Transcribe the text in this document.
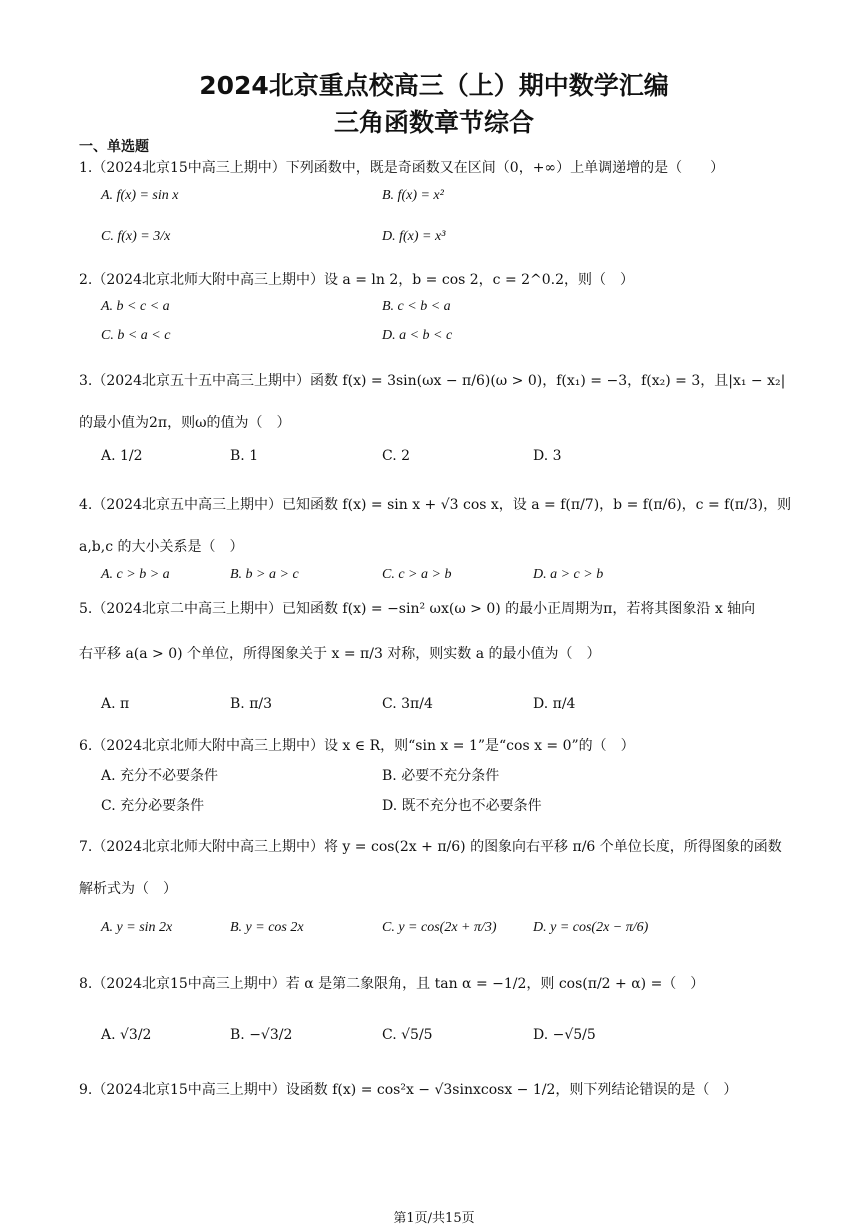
2024北京重点校高三（上）期中数学汇编
三角函数章节综合
一、单选题
1.（2024北京15中高三上期中）下列函数中，既是奇函数又在区间（0，+∞）上单调递增的是（　　）
A. f(x) = sin x	B. f(x) = x²
C. f(x) = 3/x	D. f(x) = x³
2.（2024北京北师大附中高三上期中）设 a = ln 2，b = cos 2，c = 2^0.2，则（　）
A. b < c < a	B. c < b < a
C. b < a < c	D. a < b < c
3.（2024北京五十五中高三上期中）函数 f(x) = 3sin(ωx − π/6)(ω > 0)，f(x₁) = −3，f(x₂) = 3，且|x₁ − x₂|
的最小值为2π，则ω的值为（　）
A. 1/2	B. 1	C. 2	D. 3
4.（2024北京五中高三上期中）已知函数 f(x) = sin x + √3 cos x，设 a = f(π/7)，b = f(π/6)，c = f(π/3)，则
a,b,c 的大小关系是（　）
A. c > b > a	B. b > a > c	C. c > a > b	D. a > c > b
5.（2024北京二中高三上期中）已知函数 f(x) = −sin² ωx(ω > 0) 的最小正周期为π，若将其图象沿 x 轴向
右平移 a(a > 0) 个单位，所得图象关于 x = π/3 对称，则实数 a 的最小值为（　）
A. π	B. π/3	C. 3π/4	D. π/4
6.（2024北京北师大附中高三上期中）设 x ∈ R，则“sin x = 1”是“cos x = 0”的（　）
A. 充分不必要条件	B. 必要不充分条件
C. 充分必要条件	D. 既不充分也不必要条件
7.（2024北京北师大附中高三上期中）将 y = cos(2x + π/6) 的图象向右平移 π/6 个单位长度，所得图象的函数
解析式为（　）
A. y = sin 2x	B. y = cos 2x	C. y = cos(2x + π/3)	D. y = cos(2x − π/6)
8.（2024北京15中高三上期中）若 α 是第二象限角，且 tan α = −1/2，则 cos(π/2 + α) =（　）
A. √3/2	B. −√3/2	C. √5/5	D. −√5/5
9.（2024北京15中高三上期中）设函数 f(x) = cos²x − √3sinxcosx − 1/2，则下列结论错误的是（　）
第1页/共15页
